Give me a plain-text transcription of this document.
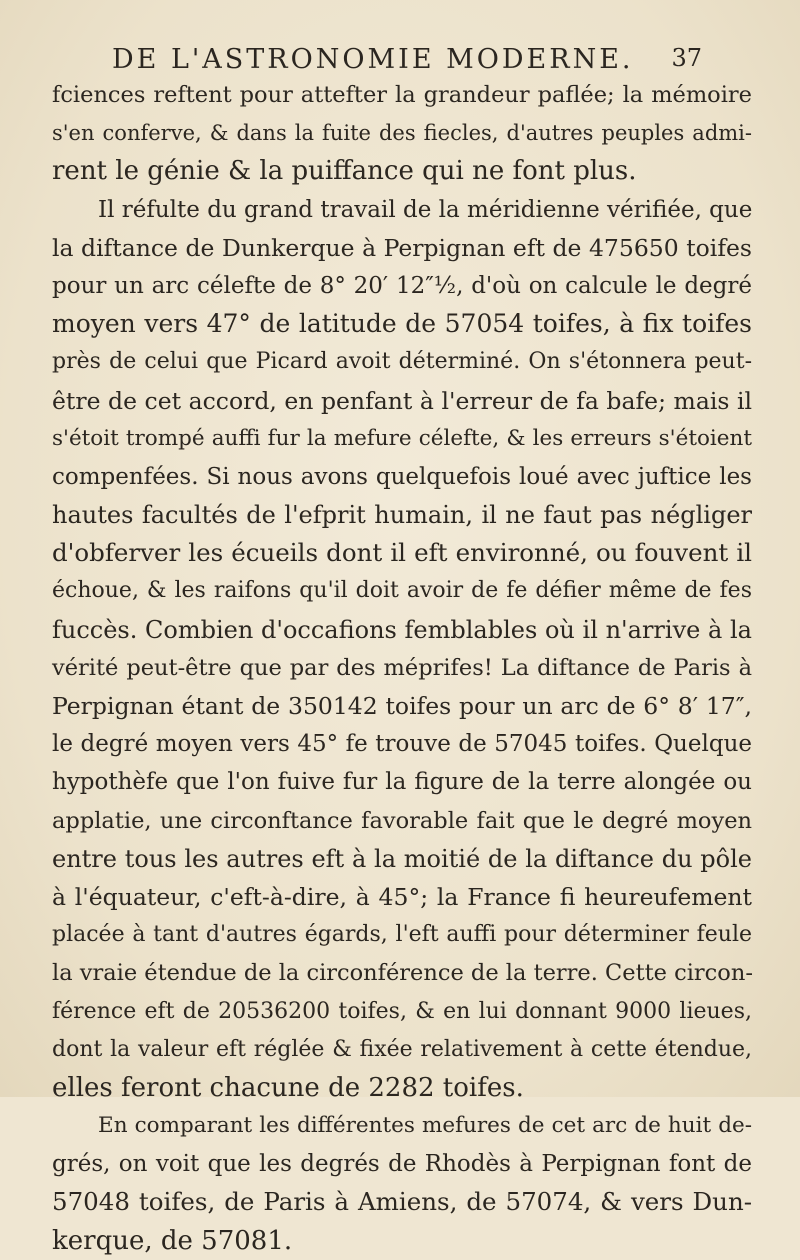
DE L'ASTRONOMIE MODERNE. 37
fciences reftent pour attefter la grandeur paflée; la mémoire
s'en conferve, & dans la fuite des fiecles, d'autres peuples admi-
rent le génie & la puiffance qui ne font plus.
Il réfulte du grand travail de la méridienne vérifiée, que
la diftance de Dunkerque à Perpignan eft de 475650 toifes
pour un arc célefte de 8° 20′ 12″½, d'où on calcule le degré
moyen vers 47° de latitude de 57054 toifes, à fix toifes
près de celui que Picard avoit déterminé. On s'étonnera peut-
être de cet accord, en penfant à l'erreur de fa bafe; mais il
s'étoit trompé auffi fur la mefure célefte, & les erreurs s'étoient
compenfées. Si nous avons quelquefois loué avec juftice les
hautes facultés de l'efprit humain, il ne faut pas négliger
d'obferver les écueils dont il eft environné, ou fouvent il
échoue, & les raifons qu'il doit avoir de fe défier même de fes
fuccès. Combien d'occafions femblables où il n'arrive à la
vérité peut-être que par des méprifes! La diftance de Paris à
Perpignan étant de 350142 toifes pour un arc de 6° 8′ 17″,
le degré moyen vers 45° fe trouve de 57045 toifes. Quelque
hypothèfe que l'on fuive fur la figure de la terre alongée ou
applatie, une circonftance favorable fait que le degré moyen
entre tous les autres eft à la moitié de la diftance du pôle
à l'équateur, c'eft-à-dire, à 45°; la France fi heureufement
placée à tant d'autres égards, l'eft auffi pour déterminer feule
la vraie étendue de la circonférence de la terre. Cette circon-
férence eft de 20536200 toifes, & en lui donnant 9000 lieues,
dont la valeur eft réglée & fixée relativement à cette étendue,
elles feront chacune de 2282 toifes.
En comparant les différentes mefures de cet arc de huit de-
grés, on voit que les degrés de Rhodès à Perpignan font de
57048 toifes, de Paris à Amiens, de 57074, & vers Dun-
kerque, de 57081.
